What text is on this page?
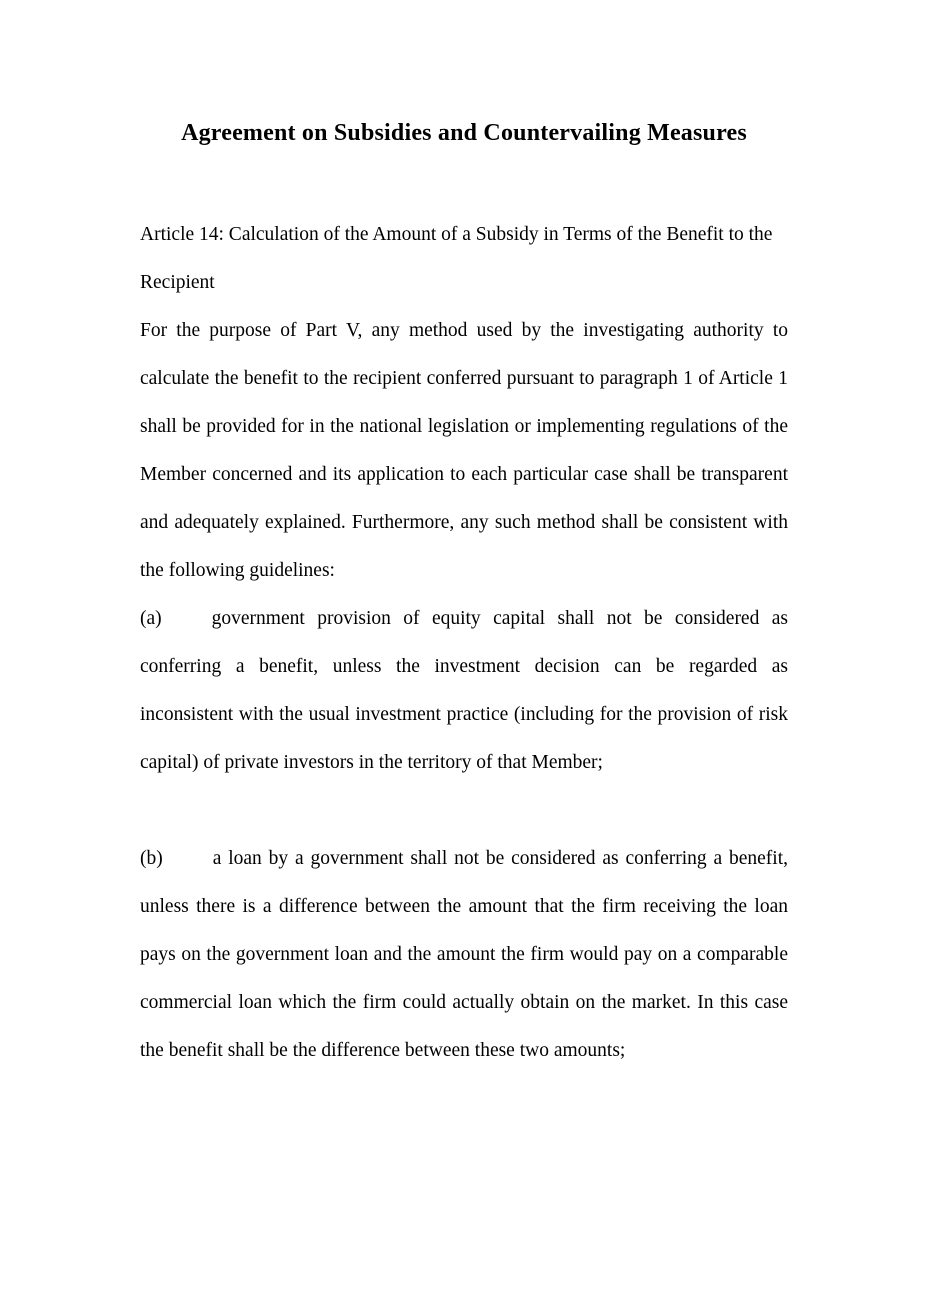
Agreement on Subsidies and Countervailing Measures

Article 14: Calculation of the Amount of a Subsidy in Terms of the Benefit to the Recipient

For the purpose of Part V, any method used by the investigating authority to calculate the benefit to the recipient conferred pursuant to paragraph 1 of Article 1 shall be provided for in the national legislation or implementing regulations of the Member concerned and its application to each particular case shall be transparent and adequately explained. Furthermore, any such method shall be consistent with the following guidelines:

(a)	government provision of equity capital shall not be considered as conferring a benefit, unless the investment decision can be regarded as inconsistent with the usual investment practice (including for the provision of risk capital) of private investors in the territory of that Member;

(b)	a loan by a government shall not be considered as conferring a benefit, unless there is a difference between the amount that the firm receiving the loan pays on the government loan and the amount the firm would pay on a comparable commercial loan which the firm could actually obtain on the market. In this case the benefit shall be the difference between these two amounts;
